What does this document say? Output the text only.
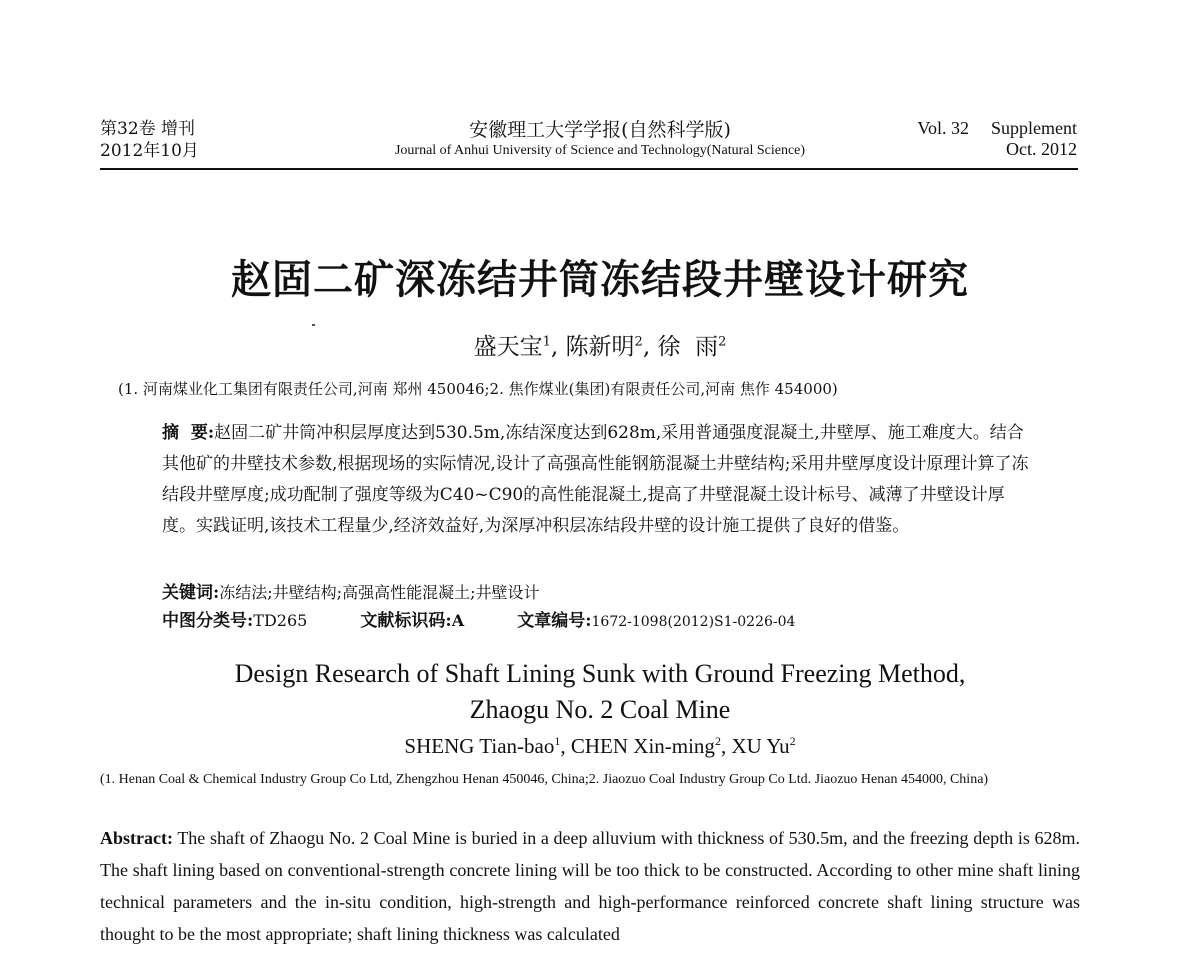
第32卷 增刊
2012年10月
安徽理工大学学报(自然科学版)
Journal of Anhui University of Science and Technology(Natural Science)
Vol. 32 Supplement
Oct. 2012
赵固二矿深冻结井筒冻结段井壁设计研究
盛天宝$^1$, 陈新明$^2$, 徐  雨$^2$
(1. 河南煤业化工集团有限责任公司,河南 郑州 450046;2. 焦作煤业(集团)有限责任公司,河南 焦作 454000)
摘  要:赵固二矿井筒冲积层厚度达到530.5m,冻结深度达到628m,采用普通强度混凝土,井壁厚、施工难度大。结合其他矿的井壁技术参数,根据现场的实际情况,设计了高强高性能钢筋混凝土井壁结构;采用井壁厚度设计原理计算了冻结段井壁厚度;成功配制了强度等级为C40~C90的高性能混凝土,提高了井壁混凝土设计标号、减薄了井壁设计厚度。实践证明,该技术工程量少,经济效益好,为深厚冲积层冻结段井壁的设计施工提供了良好的借鉴。
关键词:冻结法;井壁结构;高强高性能混凝土;井壁设计
中图分类号:TD265	文献标识码:A	文章编号:1672-1098(2012)S1-0226-04
Design Research of Shaft Lining Sunk with Ground Freezing Method,
Zhaogu No. 2 Coal Mine
SHENG Tian-bao$^1$, CHEN Xin-ming$^2$, XU Yu$^2$
(1. Henan Coal & Chemical Industry Group Co Ltd, Zhengzhou Henan 450046, China;2. Jiaozuo Coal Industry Group Co Ltd. Jiaozuo Henan 454000, China)
Abstract: The shaft of Zhaogu No. 2 Coal Mine is buried in a deep alluvium with thickness of 530.5m, and the freezing depth is 628m. The shaft lining based on conventional-strength concrete lining will be too thick to be constructed. According to other mine shaft lining technical parameters and the in-situ condition, high-strength and high-performance reinforced concrete shaft lining structure was thought to be the most appropriate; shaft lining thickness was calculated
